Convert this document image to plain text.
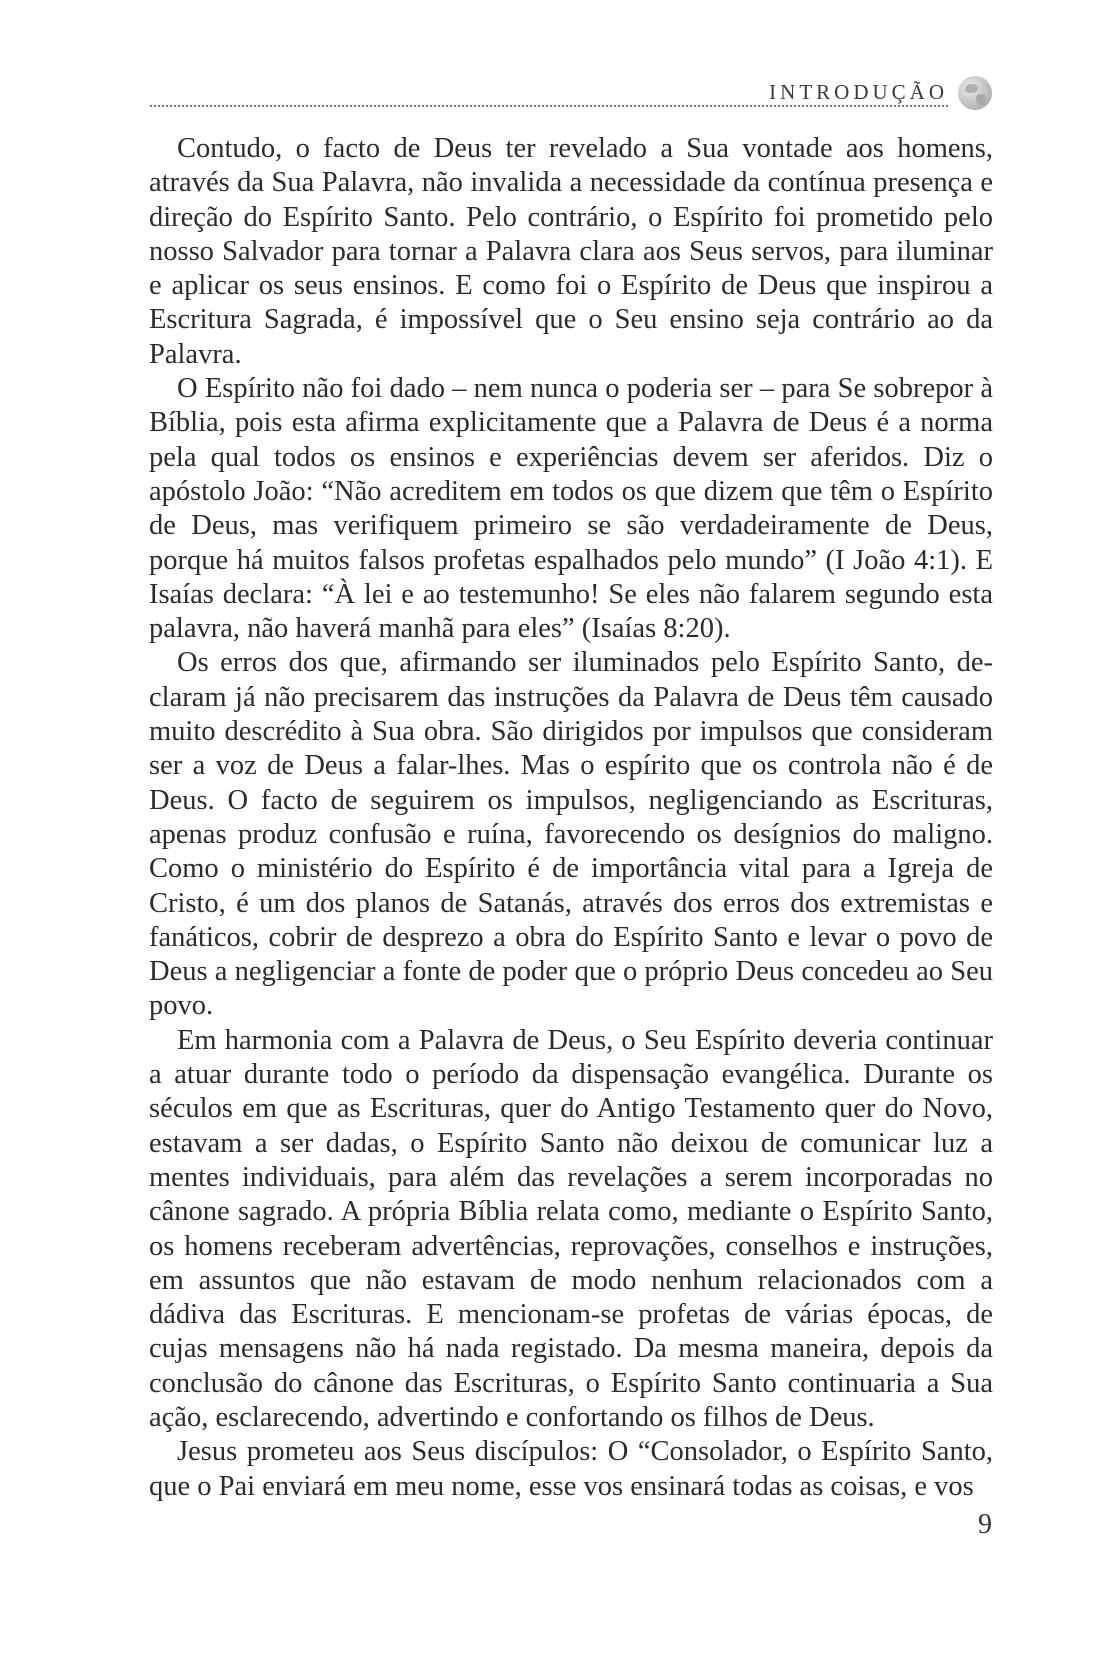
INTRODUÇÃO

Contudo, o facto de Deus ter revelado a Sua vontade aos homens, através da Sua Palavra, não invalida a necessidade da contínua presença e direção do Espírito Santo. Pelo contrário, o Espírito foi prometido pelo nosso Salvador para tornar a Palavra clara aos Seus servos, para iluminar e aplicar os seus ensinos. E como foi o Espírito de Deus que inspirou a Escritura Sagrada, é impossível que o Seu ensino seja contrário ao da Palavra.

O Espírito não foi dado – nem nunca o poderia ser – para Se sobrepor à Bíblia, pois esta afirma explicitamente que a Palavra de Deus é a norma pela qual todos os ensinos e experiências devem ser aferidos. Diz o apóstolo João: “Não acreditem em todos os que dizem que têm o Espírito de Deus, mas verifiquem primeiro se são verdadeiramente de Deus, porque há muitos falsos profetas espalhados pelo mundo” (I João 4:1). E Isaías declara: “À lei e ao testemunho! Se eles não falarem segundo esta palavra, não haverá manhã para eles” (Isaías 8:20).

Os erros dos que, afirmando ser iluminados pelo Espírito Santo, declaram já não precisarem das instruções da Palavra de Deus têm causado muito descrédito à Sua obra. São dirigidos por impulsos que consideram ser a voz de Deus a falar-lhes. Mas o espírito que os controla não é de Deus. O facto de seguirem os impulsos, negligenciando as Escrituras, apenas produz confusão e ruína, favorecendo os desígnios do maligno. Como o ministério do Espírito é de importância vital para a Igreja de Cristo, é um dos planos de Satanás, através dos erros dos extremistas e fanáticos, cobrir de desprezo a obra do Espírito Santo e levar o povo de Deus a negligenciar a fonte de poder que o próprio Deus concedeu ao Seu povo.

Em harmonia com a Palavra de Deus, o Seu Espírito deveria continuar a atuar durante todo o período da dispensação evangélica. Durante os séculos em que as Escrituras, quer do Antigo Testamento quer do Novo, estavam a ser dadas, o Espírito Santo não deixou de comunicar luz a mentes individuais, para além das revelações a serem incorporadas no cânone sagrado. A própria Bíblia relata como, mediante o Espírito Santo, os homens receberam advertências, reprovações, conselhos e instruções, em assuntos que não estavam de modo nenhum relacionados com a dádiva das Escrituras. E mencionam-se profetas de várias épocas, de cujas mensagens não há nada registado. Da mesma maneira, depois da conclusão do cânone das Escrituras, o Espírito Santo continuaria a Sua ação, esclarecendo, advertindo e confortando os filhos de Deus.

Jesus prometeu aos Seus discípulos: O “Consolador, o Espírito Santo, que o Pai enviará em meu nome, esse vos ensinará todas as coisas, e vos

9
